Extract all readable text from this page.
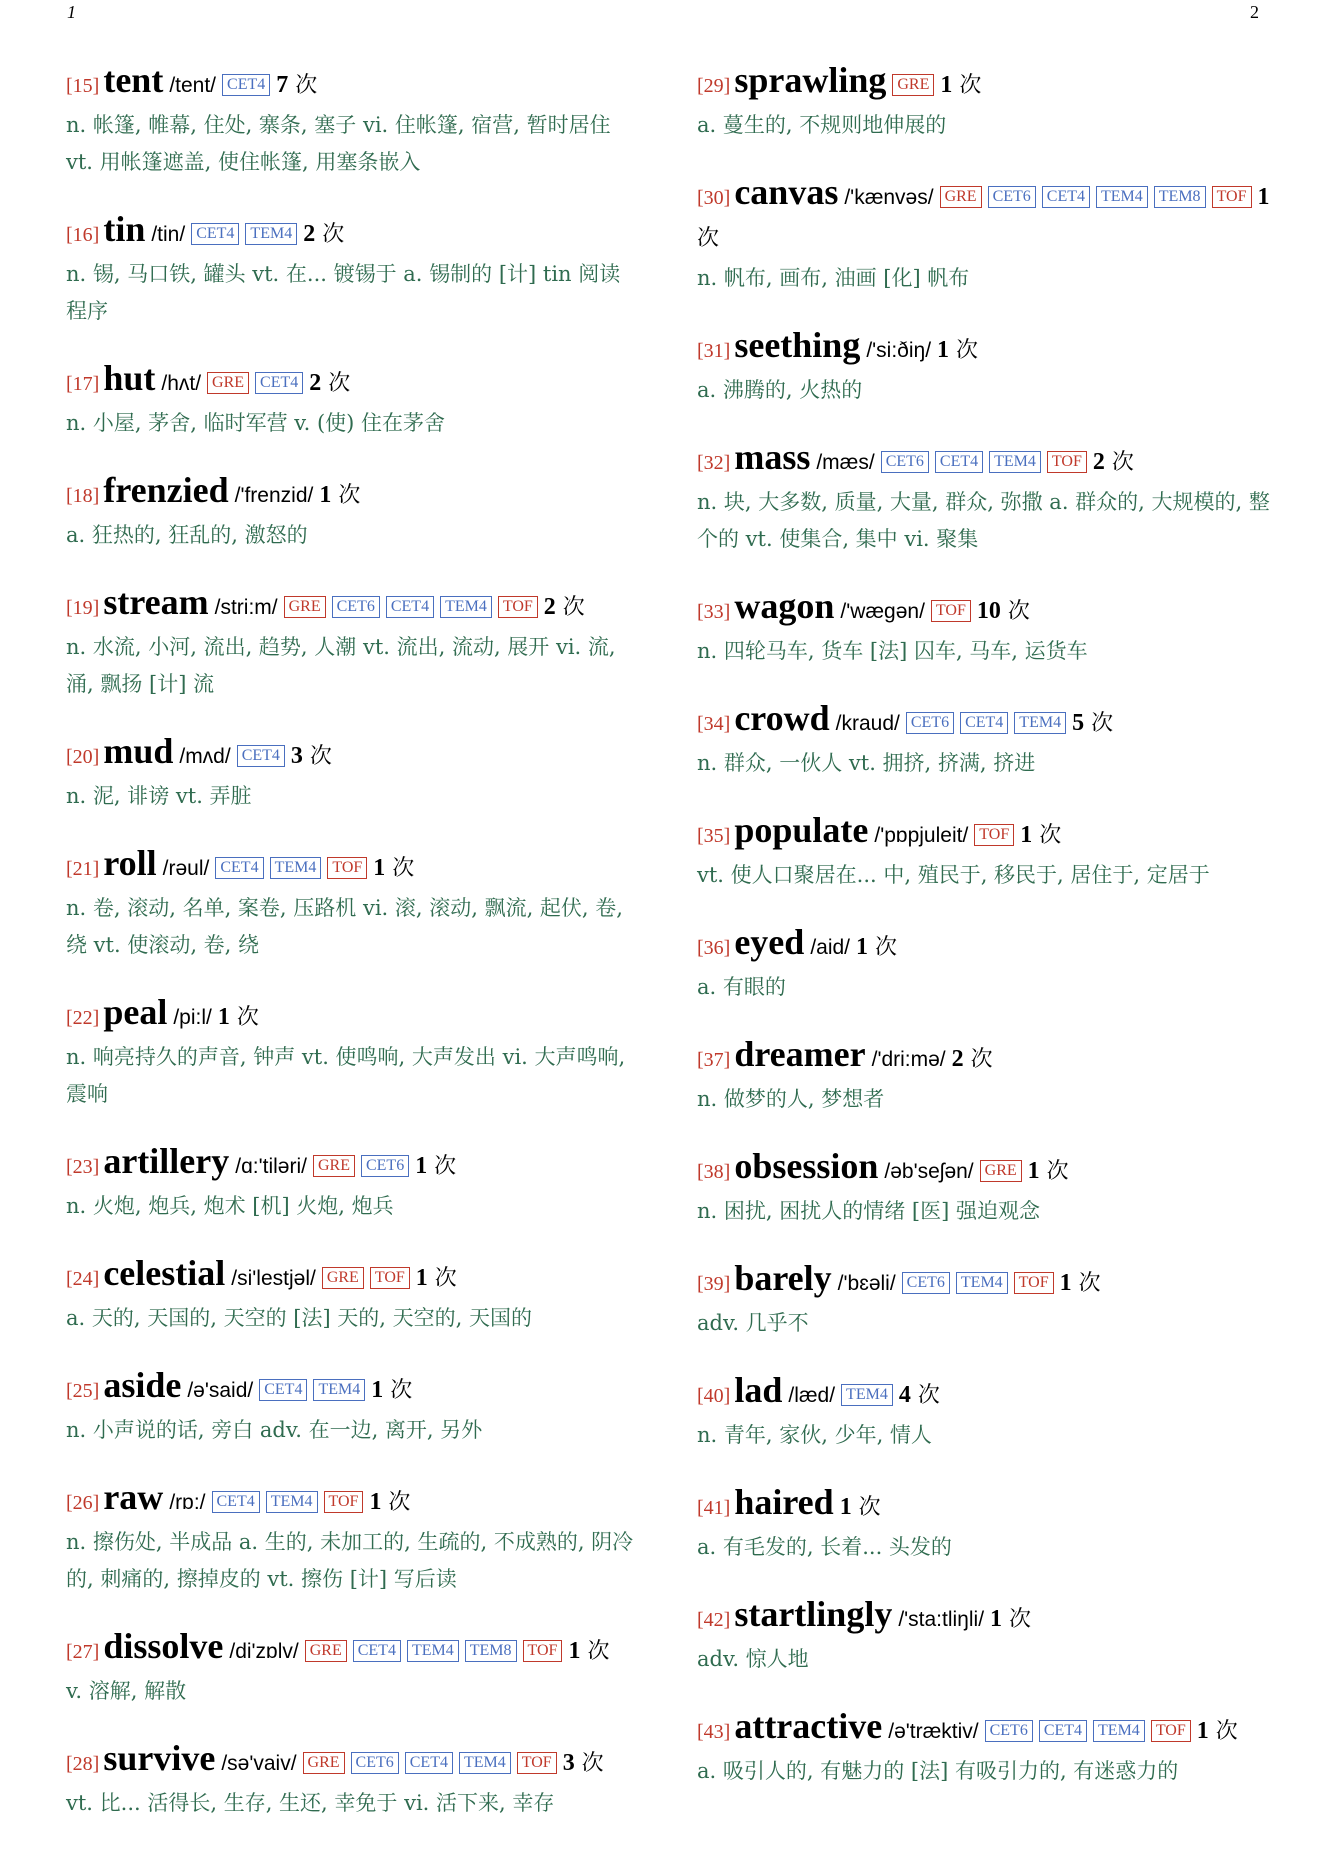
1	2
[15] tent /tent/ CET4 7 次
n. 帐篷, 帷幕, 住处, 寨条, 塞子 vi. 住帐篷, 宿营, 暂时居住 vt. 用帐篷遮盖, 使住帐篷, 用塞条嵌入
[16] tin /tin/ CET4 TEM4 2 次
n. 锡, 马口铁, 罐头 vt. 在... 镀锡于 a. 锡制的 [计] tin 阅读程序
[17] hut /hʌt/ GRE CET4 2 次
n. 小屋, 茅舍, 临时军营 v. (使) 住在茅舍
[18] frenzied /'frenzid/ 1 次
a. 狂热的, 狂乱的, 激怒的
[19] stream /stri:m/ GRE CET6 CET4 TEM4 TOF 2 次
n. 水流, 小河, 流出, 趋势, 人潮 vt. 流出, 流动, 展开 vi. 流, 涌, 飘扬 [计] 流
[20] mud /mʌd/ CET4 3 次
n. 泥, 诽谤 vt. 弄脏
[21] roll /rəul/ CET4 TEM4 TOF 1 次
n. 卷, 滚动, 名单, 案卷, 压路机 vi. 滚, 滚动, 飘流, 起伏, 卷, 绕 vt. 使滚动, 卷, 绕
[22] peal /pi:l/ 1 次
n. 响亮持久的声音, 钟声 vt. 使鸣响, 大声发出 vi. 大声鸣响, 震响
[23] artillery /ɑ:'tiləri/ GRE CET6 1 次
n. 火炮, 炮兵, 炮术 [机] 火炮, 炮兵
[24] celestial /si'lestjəl/ GRE TOF 1 次
a. 天的, 天国的, 天空的 [法] 天的, 天空的, 天国的
[25] aside /ə'said/ CET4 TEM4 1 次
n. 小声说的话, 旁白 adv. 在一边, 离开, 另外
[26] raw /rɒ:/ CET4 TEM4 TOF 1 次
n. 擦伤处, 半成品 a. 生的, 未加工的, 生疏的, 不成熟的, 阴冷的, 刺痛的, 擦掉皮的 vt. 擦伤 [计] 写后读
[27] dissolve /di'zɒlv/ GRE CET4 TEM4 TEM8 TOF 1 次
v. 溶解, 解散
[28] survive /sə'vaiv/ GRE CET6 CET4 TEM4 TOF 3 次
vt. 比... 活得长, 生存, 生还, 幸免于 vi. 活下来, 幸存
[29] sprawling GRE 1 次
a. 蔓生的, 不规则地伸展的
[30] canvas /'kænvəs/ GRE CET6 CET4 TEM4 TEM8 TOF 1 次
n. 帆布, 画布, 油画 [化] 帆布
[31] seething /'si:ðiŋ/ 1 次
a. 沸腾的, 火热的
[32] mass /mæs/ CET6 CET4 TEM4 TOF 2 次
n. 块, 大多数, 质量, 大量, 群众, 弥撒 a. 群众的, 大规模的, 整个的 vt. 使集合, 集中 vi. 聚集
[33] wagon /'wægən/ TOF 10 次
n. 四轮马车, 货车 [法] 囚车, 马车, 运货车
[34] crowd /kraud/ CET6 CET4 TEM4 5 次
n. 群众, 一伙人 vt. 拥挤, 挤满, 挤进
[35] populate /'pɒpjuleit/ TOF 1 次
vt. 使人口聚居在... 中, 殖民于, 移民于, 居住于, 定居于
[36] eyed /aid/ 1 次
a. 有眼的
[37] dreamer /'dri:mə/ 2 次
n. 做梦的人, 梦想者
[38] obsession /əb'seʃən/ GRE 1 次
n. 困扰, 困扰人的情绪 [医] 强迫观念
[39] barely /'bɛəli/ CET6 TEM4 TOF 1 次
adv. 几乎不
[40] lad /læd/ TEM4 4 次
n. 青年, 家伙, 少年, 情人
[41] haired 1 次
a. 有毛发的, 长着... 头发的
[42] startlingly /'sta:tliŋli/ 1 次
adv. 惊人地
[43] attractive /ə'træktiv/ CET6 CET4 TEM4 TOF 1 次
a. 吸引人的, 有魅力的 [法] 有吸引力的, 有迷惑力的
